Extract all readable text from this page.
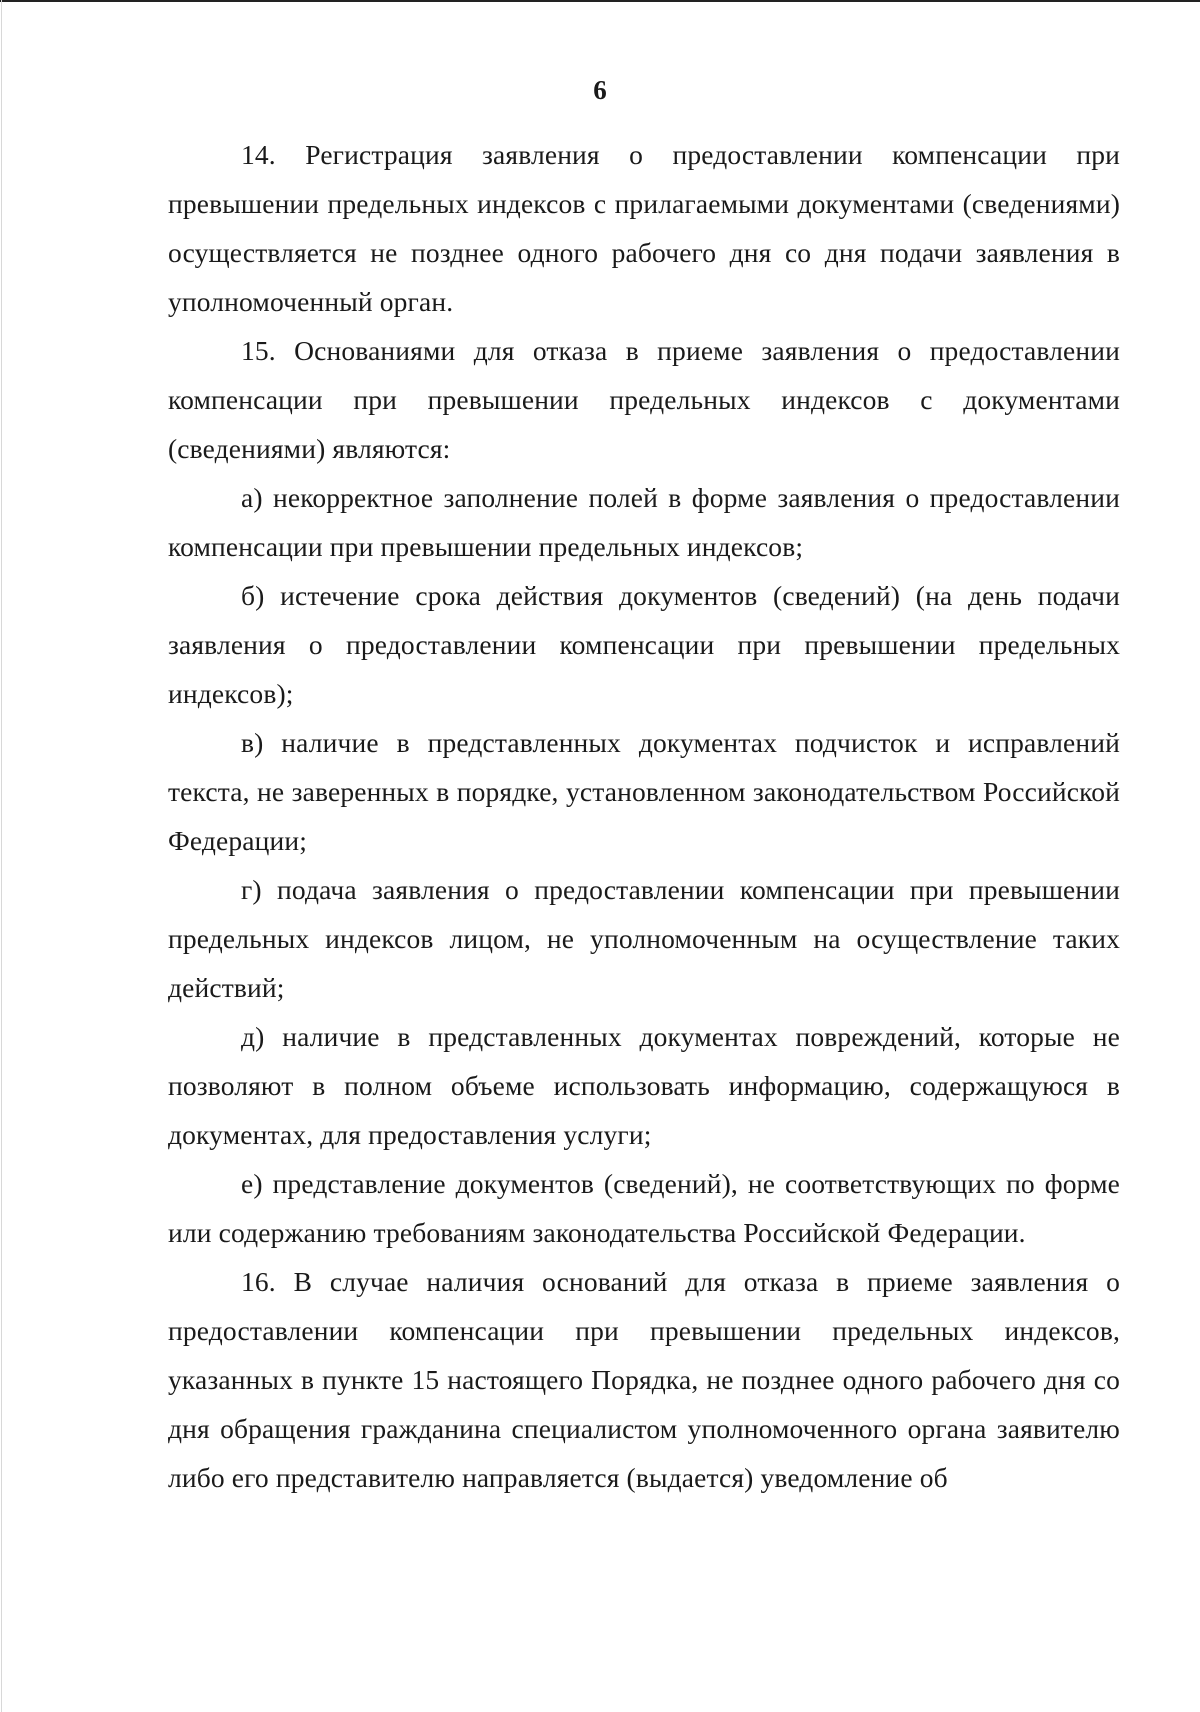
6

14. Регистрация заявления о предоставлении компенсации при превышении предельных индексов с прилагаемыми документами (сведениями) осуществляется не позднее одного рабочего дня со дня подачи заявления в уполномоченный орган.

15. Основаниями для отказа в приеме заявления о предоставлении компенсации при превышении предельных индексов с документами (сведениями) являются:

а) некорректное заполнение полей в форме заявления о предоставлении компенсации при превышении предельных индексов;

б) истечение срока действия документов (сведений) (на день подачи заявления о предоставлении компенсации при превышении предельных индексов);

в) наличие в представленных документах подчисток и исправлений текста, не заверенных в порядке, установленном законодательством Российской Федерации;

г) подача заявления о предоставлении компенсации при превышении предельных индексов лицом, не уполномоченным на осуществление таких действий;

д) наличие в представленных документах повреждений, которые не позволяют в полном объеме использовать информацию, содержащуюся в документах, для предоставления услуги;

е) представление документов (сведений), не соответствующих по форме или содержанию требованиям законодательства Российской Федерации.

16. В случае наличия оснований для отказа в приеме заявления о предоставлении компенсации при превышении предельных индексов, указанных в пункте 15 настоящего Порядка, не позднее одного рабочего дня со дня обращения гражданина специалистом уполномоченного органа заявителю либо его представителю направляется (выдается) уведомление об
